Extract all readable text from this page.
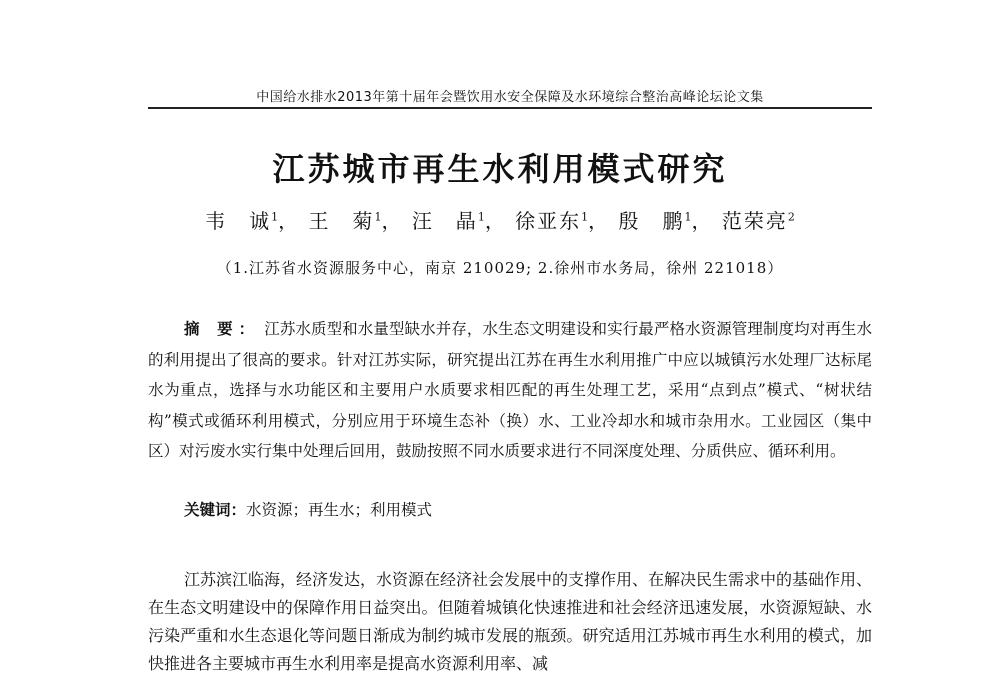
中国给水排水2013年第十届年会暨饮用水安全保障及水环境综合整治高峰论坛论文集
江苏城市再生水利用模式研究
韦　诚$^1$， 王　菊$^1$， 汪　晶$^1$， 徐亚东$^1$， 殷　鹏$^1$， 范荣亮$^2$
（1.江苏省水资源服务中心，南京 210029; 2.徐州市水务局，徐州 221018）

摘 要： 江苏水质型和水量型缺水并存，水生态文明建设和实行最严格水资源管理制度均对再生水的利用提出了很高的要求。针对江苏实际，研究提出江苏在再生水利用推广中应以城镇污水处理厂达标尾水为重点，选择与水功能区和主要用户水质要求相匹配的再生处理工艺，采用“点到点”模式、“树状结构”模式或循环利用模式，分别应用于环境生态补（换）水、工业冷却水和城市杂用水。工业园区（集中区）对污废水实行集中处理后回用，鼓励按照不同水质要求进行不同深度处理、分质供应、循环利用。

关键词：水资源；再生水；利用模式

江苏滨江临海，经济发达，水资源在经济社会发展中的支撑作用、在解决民生需求中的基础作用、在生态文明建设中的保障作用日益突出。但随着城镇化快速推进和社会经济迅速发展，水资源短缺、水污染严重和水生态退化等问题日渐成为制约城市发展的瓶颈。研究适用江苏城市再生水利用的模式，加快推进各主要城市再生水利用率是提高水资源利用率、减
